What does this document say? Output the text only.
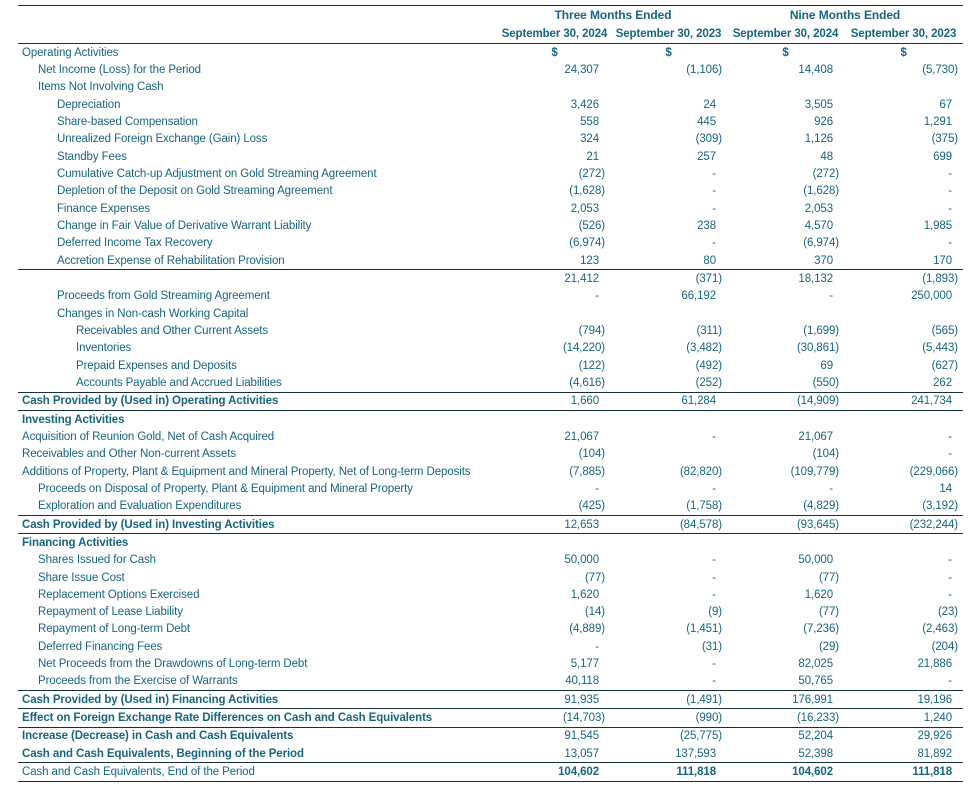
	Three Months Ended		Nine Months Ended	
	September 30, 2024	September 30, 2023	September 30, 2024	September 30, 2023
Operating Activities	$	$	$	$
Net Income (Loss) for the Period	24,307	(1,106)	14,408	(5,730)
Items Not Involving Cash				
Depreciation	3,426	24	3,505	67
Share-based Compensation	558	445	926	1,291
Unrealized Foreign Exchange (Gain) Loss	324	(309)	1,126	(375)
Standby Fees	21	257	48	699
Cumulative Catch-up Adjustment on Gold Streaming Agreement	(272)	-	(272)	-
Depletion of the Deposit on Gold Streaming Agreement	(1,628)	-	(1,628)	-
Finance Expenses	2,053	-	2,053	-
Change in Fair Value of Derivative Warrant Liability	(526)	238	4,570	1,985
Deferred Income Tax Recovery	(6,974)	-	(6,974)	-
Accretion Expense of Rehabilitation Provision	123	80	370	170
	21,412	(371)	18,132	(1,893)
Proceeds from Gold Streaming Agreement	-	66,192	-	250,000
Changes in Non-cash Working Capital				
Receivables and Other Current Assets	(794)	(311)	(1,699)	(565)
Inventories	(14,220)	(3,482)	(30,861)	(5,443)
Prepaid Expenses and Deposits	(122)	(492)	69	(627)
Accounts Payable and Accrued Liabilities	(4,616)	(252)	(550)	262
Cash Provided by (Used in) Operating Activities	1,660	61,284	(14,909)	241,734
Investing Activities				
Acquisition of Reunion Gold, Net of Cash Acquired	21,067	-	21,067	-
Receivables and Other Non-current Assets	(104)		(104)	-
Additions of Property, Plant & Equipment and Mineral Property, Net of Long-term Deposits	(7,885)	(82,820)	(109,779)	(229,066)
Proceeds on Disposal of Property, Plant & Equipment and Mineral Property	-	-	-	14
Exploration and Evaluation Expenditures	(425)	(1,758)	(4,829)	(3,192)
Cash Provided by (Used in) Investing Activities	12,653	(84,578)	(93,645)	(232,244)
Financing Activities				
Shares Issued for Cash	50,000	-	50,000	-
Share Issue Cost	(77)	-	(77)	-
Replacement Options Exercised	1,620	-	1,620	-
Repayment of Lease Liability	(14)	(9)	(77)	(23)
Repayment of Long-term Debt	(4,889)	(1,451)	(7,236)	(2,463)
Deferred Financing Fees	-	(31)	(29)	(204)
Net Proceeds from the Drawdowns of Long-term Debt	5,177	-	82,025	21,886
Proceeds from the Exercise of Warrants	40,118	-	50,765	-
Cash Provided by (Used in) Financing Activities	91,935	(1,491)	176,991	19,196
Effect on Foreign Exchange Rate Differences on Cash and Cash Equivalents	(14,703)	(990)	(16,233)	1,240
Increase (Decrease) in Cash and Cash Equivalents	91,545	(25,775)	52,204	29,926
Cash and Cash Equivalents, Beginning of the Period	13,057	137,593	52,398	81,892
Cash and Cash Equivalents, End of the Period	104,602	111,818	104,602	111,818
